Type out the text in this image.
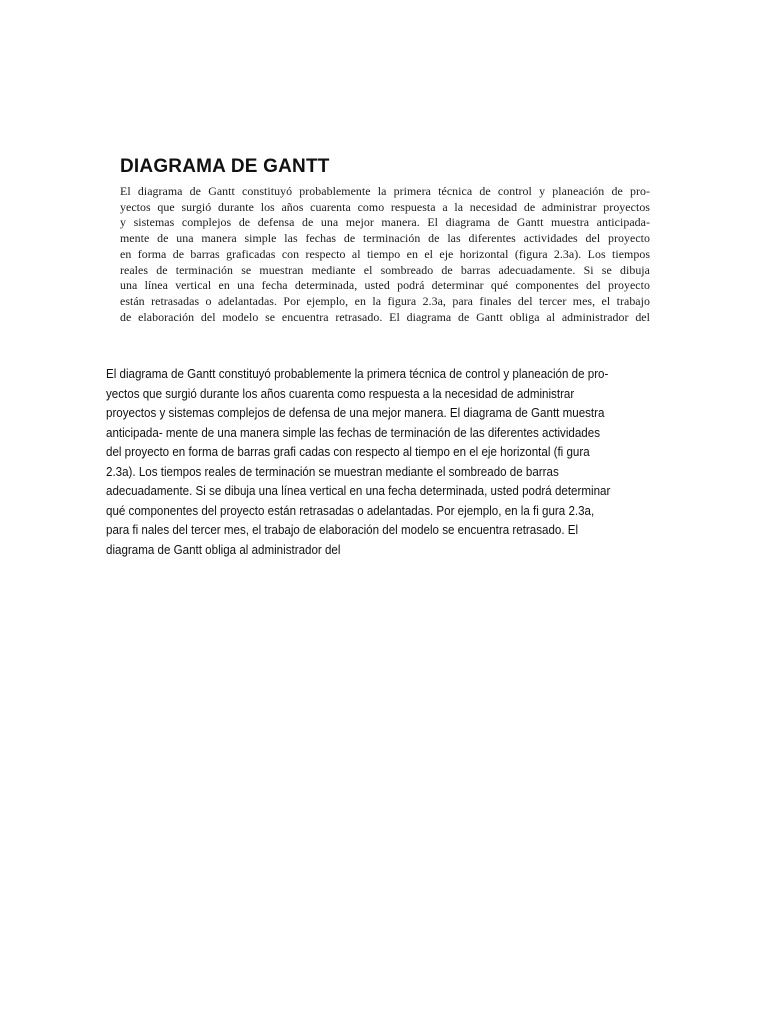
DIAGRAMA DE GANTT
El diagrama de Gantt constituyó probablemente la primera técnica de control y planeación de pro-
yectos que surgió durante los años cuarenta como respuesta a la necesidad de administrar proyectos
y sistemas complejos de defensa de una mejor manera. El diagrama de Gantt muestra anticipada-
mente de una manera simple las fechas de terminación de las diferentes actividades del proyecto
en forma de barras graficadas con respecto al tiempo en el eje horizontal (figura 2.3a). Los tiempos
reales de terminación se muestran mediante el sombreado de barras adecuadamente. Si se dibuja
una línea vertical en una fecha determinada, usted podrá determinar qué componentes del proyecto
están retrasadas o adelantadas. Por ejemplo, en la figura 2.3a, para finales del tercer mes, el trabajo
de elaboración del modelo se encuentra retrasado. El diagrama de Gantt obliga al administrador del
El diagrama de Gantt constituyó probablemente la primera técnica de control y planeación de pro-
yectos que surgió durante los años cuarenta como respuesta a la necesidad de administrar
proyectos y sistemas complejos de defensa de una mejor manera. El diagrama de Gantt muestra
anticipada- mente de una manera simple las fechas de terminación de las diferentes actividades
del proyecto en forma de barras grafi cadas con respecto al tiempo en el eje horizontal (fi gura
2.3a). Los tiempos reales de terminación se muestran mediante el sombreado de barras
adecuadamente. Si se dibuja una línea vertical en una fecha determinada, usted podrá determinar
qué componentes del proyecto están retrasadas o adelantadas. Por ejemplo, en la fi gura 2.3a,
para fi nales del tercer mes, el trabajo de elaboración del modelo se encuentra retrasado. El
diagrama de Gantt obliga al administrador del
